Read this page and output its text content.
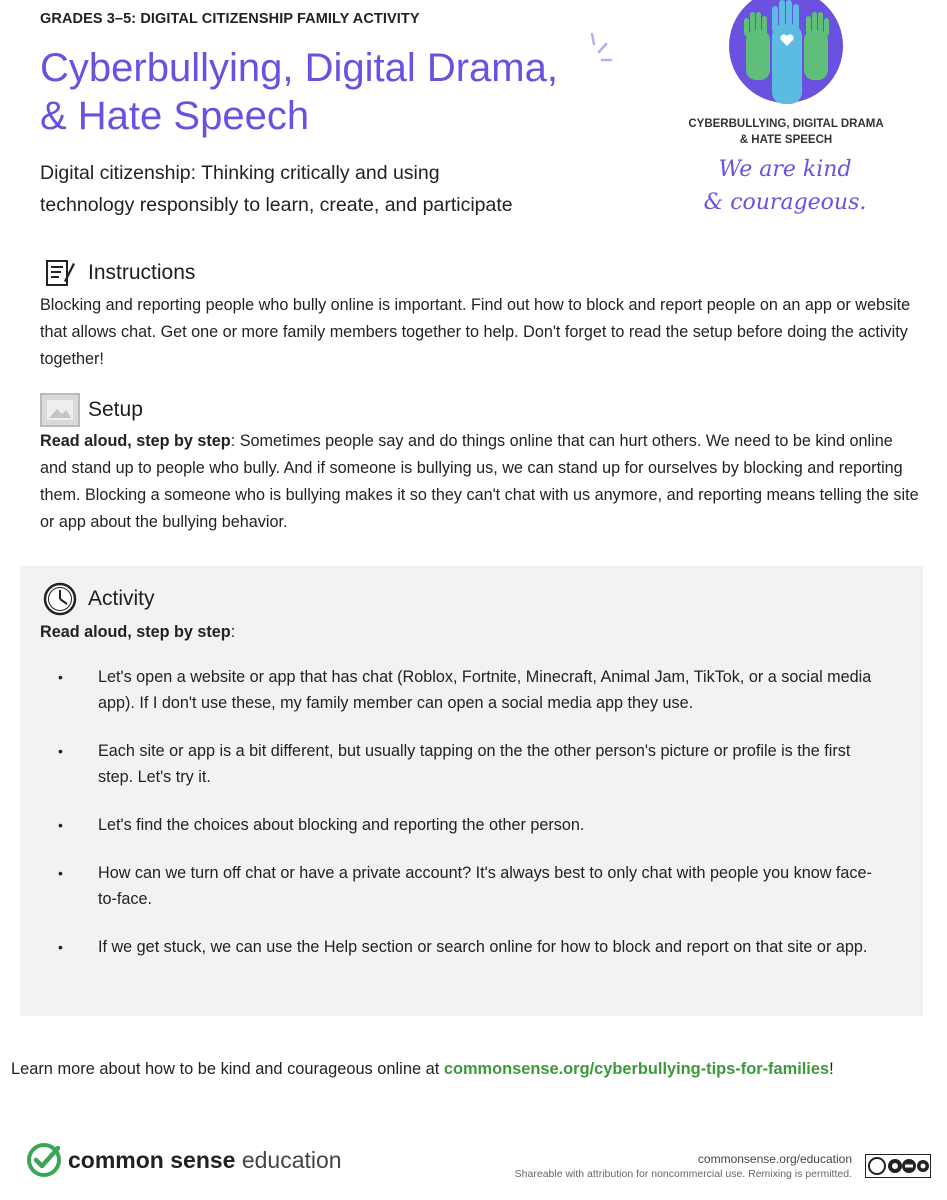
GRADES 3–5: DIGITAL CITIZENSHIP FAMILY ACTIVITY
Cyberbullying, Digital Drama,
& Hate Speech
Digital citizenship: Thinking critically and using
technology responsibly to learn, create, and participate
CYBERBULLYING, DIGITAL DRAMA
& HATE SPEECH
We are kind
& courageous.
Instructions

Blocking and reporting people who bully online is important. Find out how to block and report people on an app or website that allows chat. Get one or more family members together to help. Don't forget to read the setup before doing the activity together!

Setup

Read aloud, step by step: Sometimes people say and do things online that can hurt others. We need to be kind online and stand up to people who bully. And if someone is bullying us, we can stand up for ourselves by blocking and reporting them. Blocking a someone who is bullying makes it so they can't chat with us anymore, and reporting means telling the site or app about the bullying behavior.

Activity

Read aloud, step by step:

• Let's open a website or app that has chat (Roblox, Fortnite, Minecraft, Animal Jam, TikTok, or a social media app). If I don't use these, my family member can open a social media app they use.
• Each site or app is a bit different, but usually tapping on the the other person's picture or profile is the first step. Let's try it.
• Let's find the choices about blocking and reporting the other person.
• How can we turn off chat or have a private account? It's always best to only chat with people you know face-to-face.
• If we get stuck, we can use the Help section or search online for how to block and report on that site or app.
Learn more about how to be kind and courageous online at commonsense.org/cyberbullying-tips-for-families!
common sense education	commonsense.org/education
Shareable with attribution for noncommercial use. Remixing is permitted.
